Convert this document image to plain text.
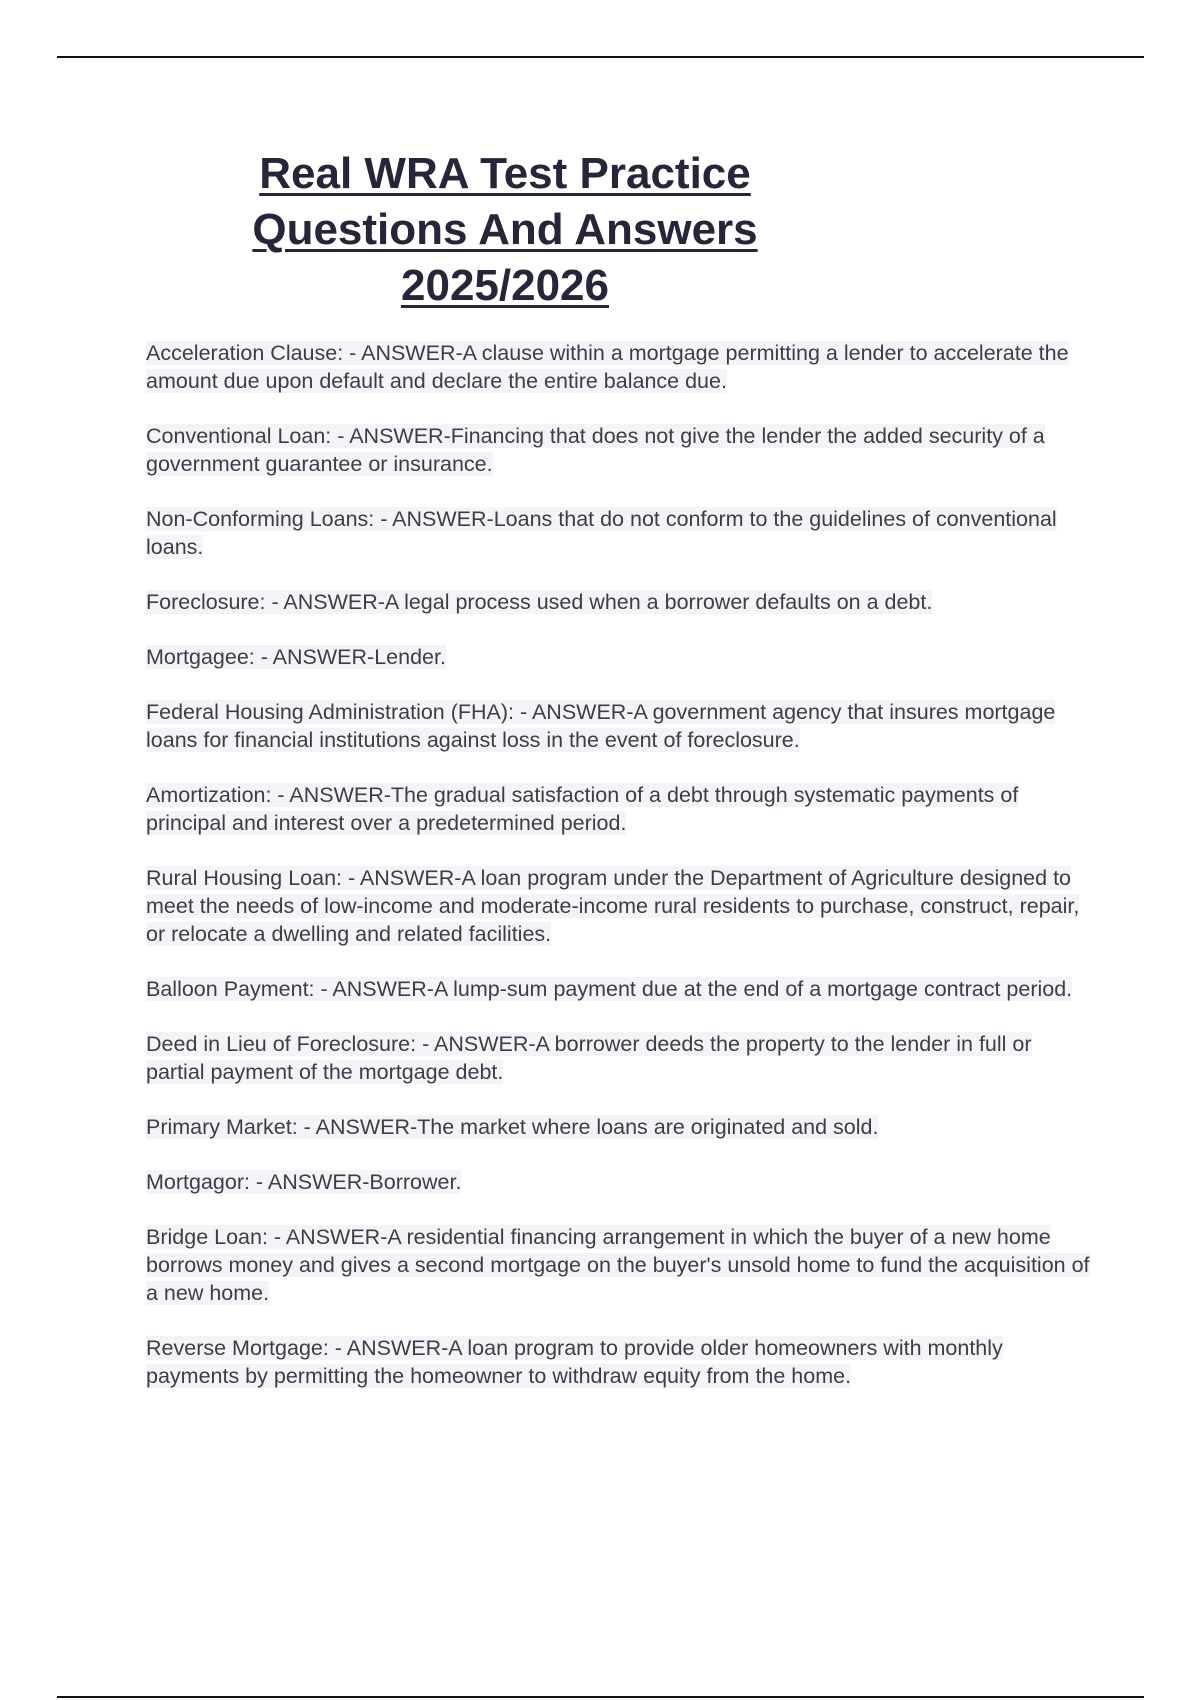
Real WRA Test Practice
Questions And Answers
2025/2026

Acceleration Clause: - ANSWER-A clause within a mortgage permitting a lender to accelerate the amount due upon default and declare the entire balance due.

Conventional Loan: - ANSWER-Financing that does not give the lender the added security of a government guarantee or insurance.

Non-Conforming Loans: - ANSWER-Loans that do not conform to the guidelines of conventional loans.

Foreclosure: - ANSWER-A legal process used when a borrower defaults on a debt.

Mortgagee: - ANSWER-Lender.

Federal Housing Administration (FHA): - ANSWER-A government agency that insures mortgage loans for financial institutions against loss in the event of foreclosure.

Amortization: - ANSWER-The gradual satisfaction of a debt through systematic payments of principal and interest over a predetermined period.

Rural Housing Loan: - ANSWER-A loan program under the Department of Agriculture designed to meet the needs of low-income and moderate-income rural residents to purchase, construct, repair, or relocate a dwelling and related facilities.

Balloon Payment: - ANSWER-A lump-sum payment due at the end of a mortgage contract period.

Deed in Lieu of Foreclosure: - ANSWER-A borrower deeds the property to the lender in full or partial payment of the mortgage debt.

Primary Market: - ANSWER-The market where loans are originated and sold.

Mortgagor: - ANSWER-Borrower.

Bridge Loan: - ANSWER-A residential financing arrangement in which the buyer of a new home borrows money and gives a second mortgage on the buyer's unsold home to fund the acquisition of a new home.

Reverse Mortgage: - ANSWER-A loan program to provide older homeowners with monthly payments by permitting the homeowner to withdraw equity from the home.
